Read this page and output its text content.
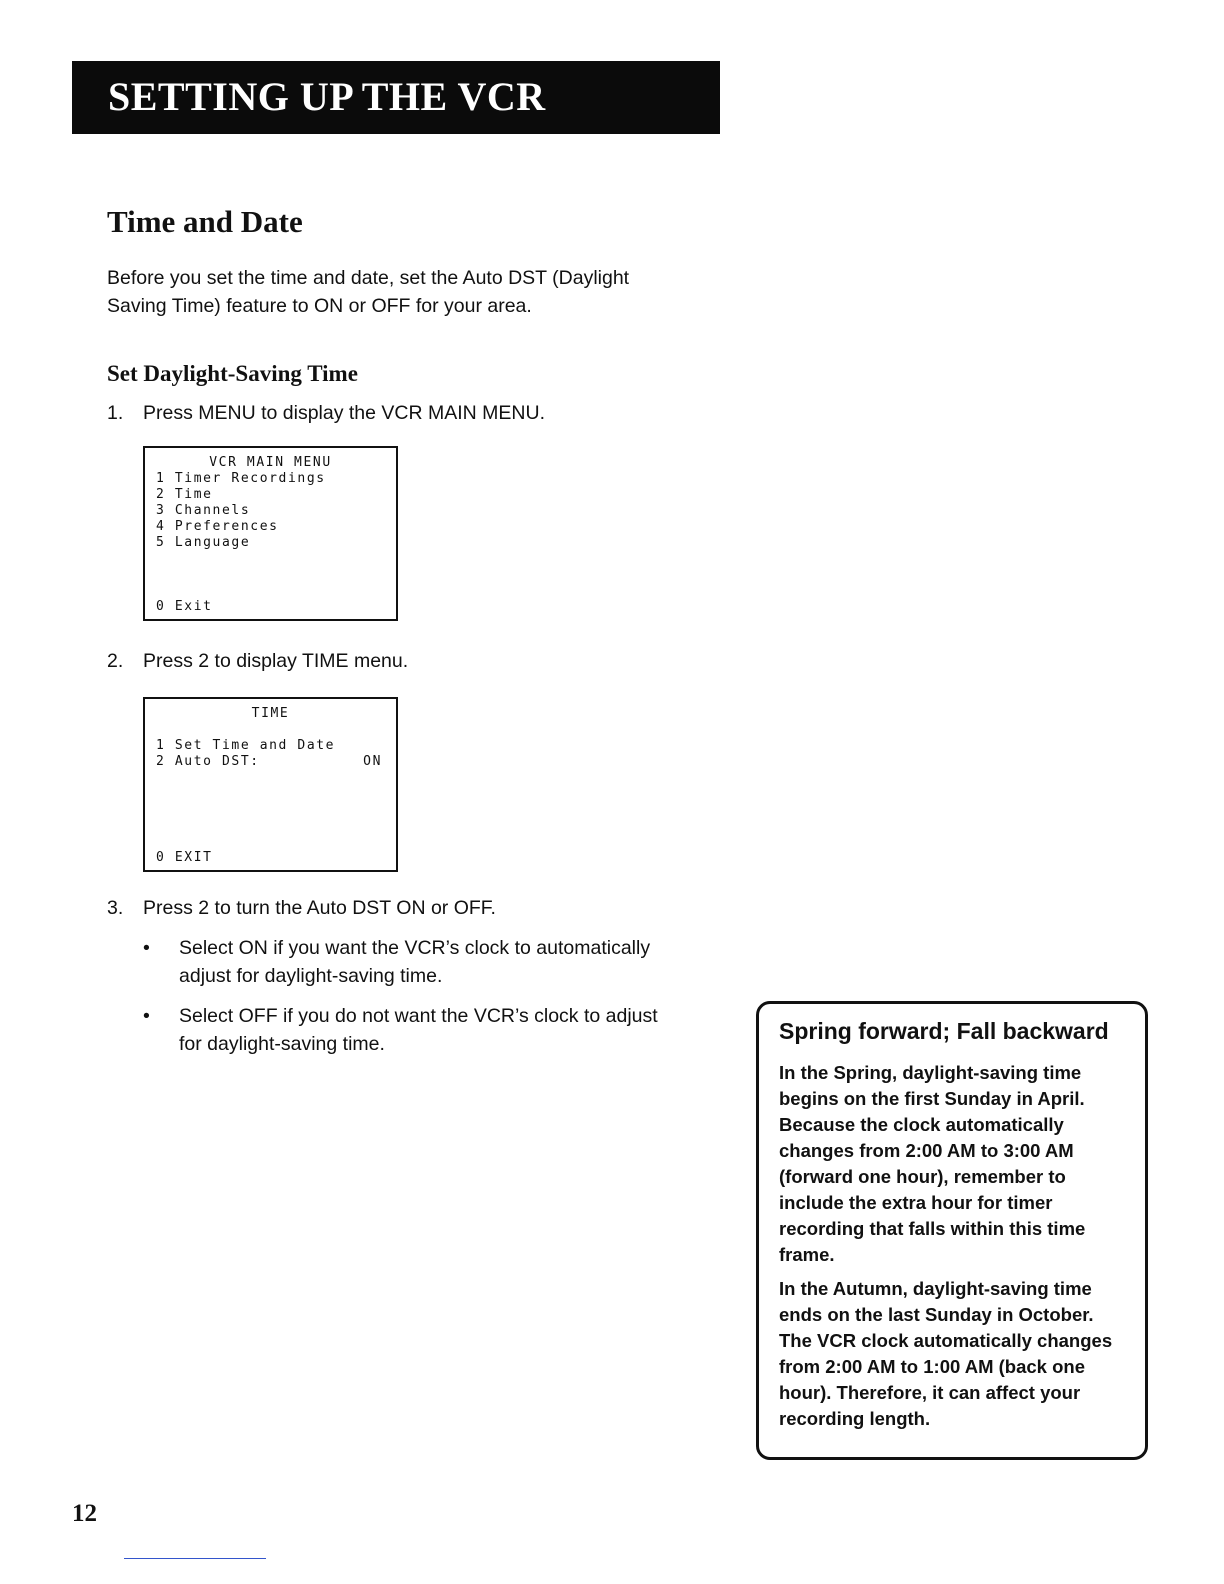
SETTING UP THE VCR
Time and Date

Before you set the time and date, set the Auto DST (Daylight
Saving Time) feature to ON or OFF for your area.

Set Daylight-Saving Time
1. Press MENU to display the VCR MAIN MENU.
VCR MAIN MENU
1 Timer Recordings
2 Time
3 Channels
4 Preferences
5 Language
0 Exit
2. Press 2 to display TIME menu.
TIME
1 Set Time and Date
2 Auto DST:	ON
0 EXIT
3. Press 2 to turn the Auto DST ON or OFF.
• Select ON if you want the VCR’s clock to automatically
adjust for daylight-saving time.
• Select OFF if you do not want the VCR’s clock to adjust
for daylight-saving time.	Spring forward; Fall backward

In the Spring, daylight-saving time
begins on the first Sunday in April.
Because the clock automatically
changes from 2:00 AM to 3:00 AM
(forward one hour), remember to
include the extra hour for timer
recording that falls within this time
frame.

In the Autumn, daylight-saving time
ends on the last Sunday in October.
The VCR clock automatically changes
from 2:00 AM to 1:00 AM (back one
hour). Therefore, it can affect your
recording length.

12
